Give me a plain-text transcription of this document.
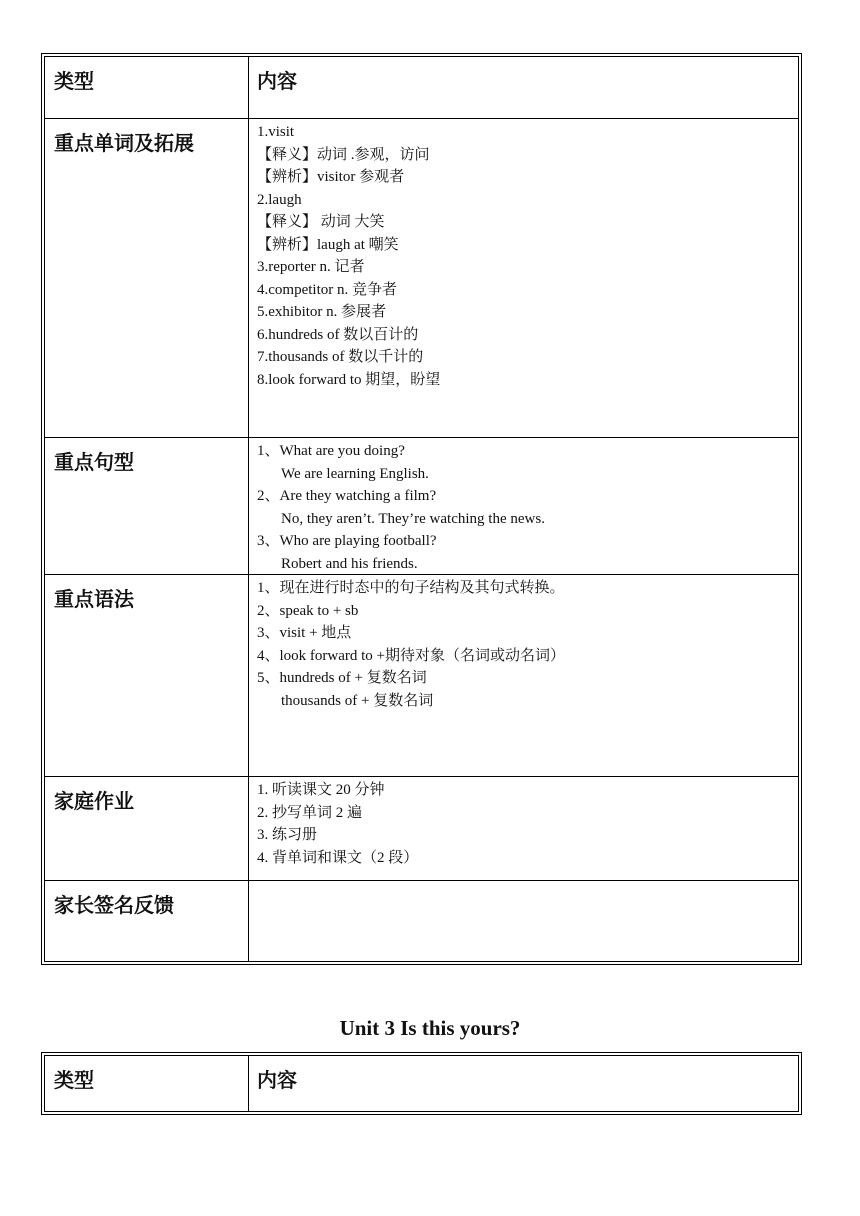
类型	内容
重点单词及拓展	1.visit
【释义】动词 .参观，访问
【辨析】visitor 参观者
2.laugh
【释义】 动词 大笑
【辨析】laugh at 嘲笑
3.reporter n. 记者
4.competitor n. 竞争者
5.exhibitor n. 参展者
6.hundreds of 数以百计的
7.thousands of 数以千计的
8.look forward to 期望，盼望
重点句型	1、What are you doing?
We are learning English.
2、Are they watching a film?
No, they aren’t. They’re watching the news.
3、Who are playing football?
Robert and his friends.
重点语法	1、现在进行时态中的句子结构及其句式转换。
2、speak to + sb
3、visit + 地点
4、look forward to +期待对象（名词或动名词）
5、hundreds of + 复数名词
thousands of + 复数名词
家庭作业	1. 听读课文 20 分钟
2. 抄写单词 2 遍
3. 练习册
4. 背单词和课文（2 段）
家长签名反馈
Unit 3 Is this yours?
类型	内容
